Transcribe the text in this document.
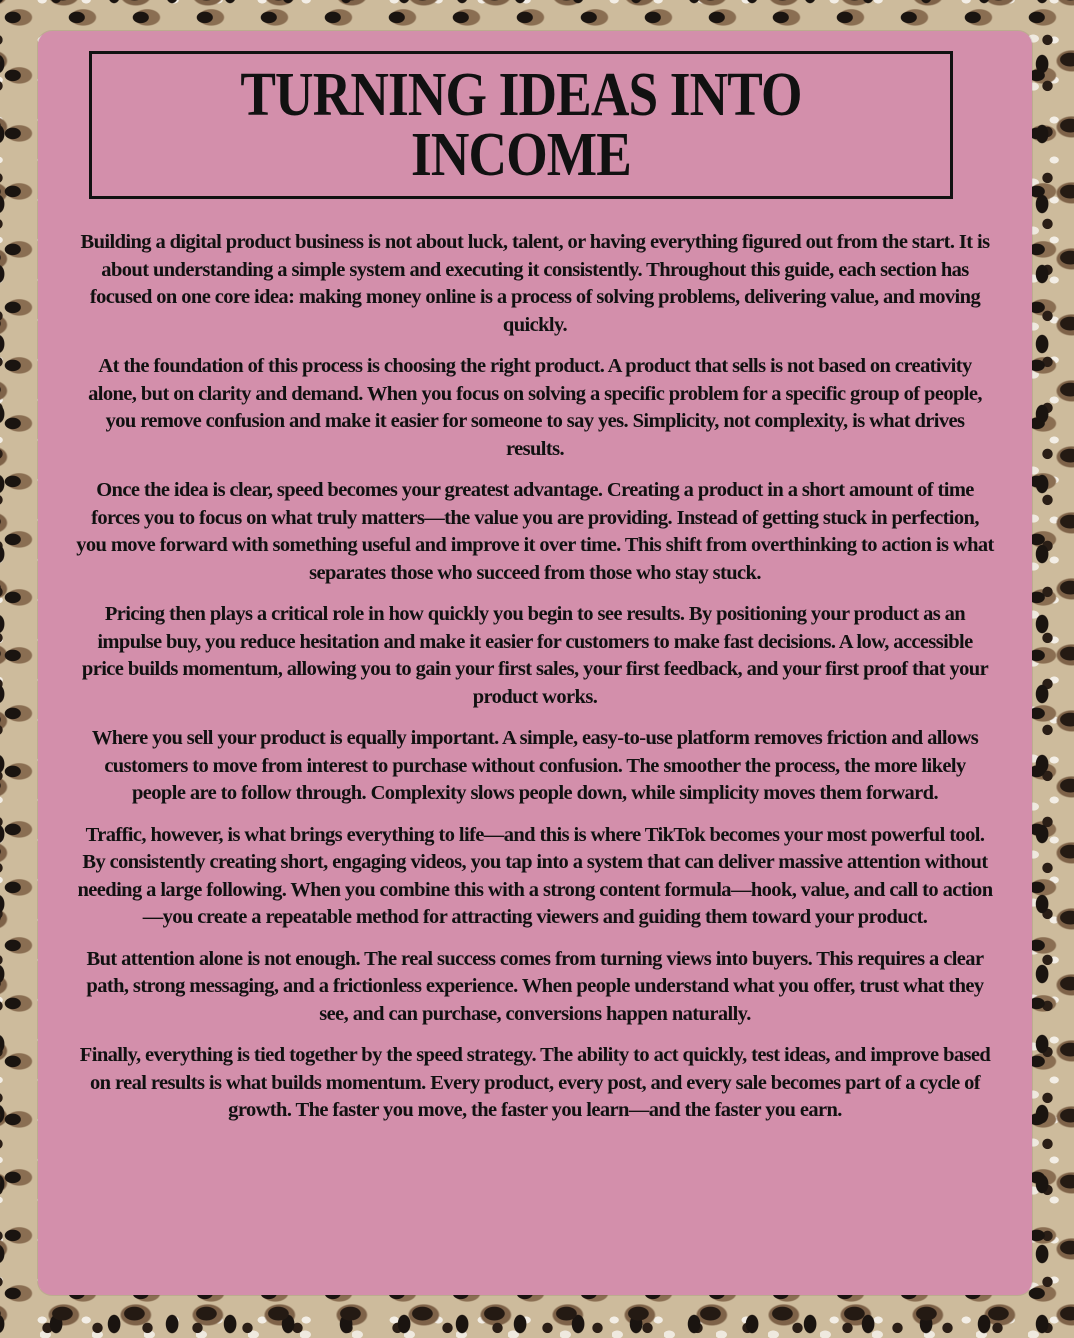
TURNING IDEAS INTO INCOME

Building a digital product business is not about luck, talent, or having everything figured out from the start. It is about understanding a simple system and executing it consistently. Throughout this guide, each section has focused on one core idea: making money online is a process of solving problems, delivering value, and moving quickly.

At the foundation of this process is choosing the right product. A product that sells is not based on creativity alone, but on clarity and demand. When you focus on solving a specific problem for a specific group of people, you remove confusion and make it easier for someone to say yes. Simplicity, not complexity, is what drives results.

Once the idea is clear, speed becomes your greatest advantage. Creating a product in a short amount of time forces you to focus on what truly matters—the value you are providing. Instead of getting stuck in perfection, you move forward with something useful and improve it over time. This shift from overthinking to action is what separates those who succeed from those who stay stuck.

Pricing then plays a critical role in how quickly you begin to see results. By positioning your product as an impulse buy, you reduce hesitation and make it easier for customers to make fast decisions. A low, accessible price builds momentum, allowing you to gain your first sales, your first feedback, and your first proof that your product works.

Where you sell your product is equally important. A simple, easy-to-use platform removes friction and allows customers to move from interest to purchase without confusion. The smoother the process, the more likely people are to follow through. Complexity slows people down, while simplicity moves them forward.

Traffic, however, is what brings everything to life—and this is where TikTok becomes your most powerful tool. By consistently creating short, engaging videos, you tap into a system that can deliver massive attention without needing a large following. When you combine this with a strong content formula—hook, value, and call to action—you create a repeatable method for attracting viewers and guiding them toward your product.

But attention alone is not enough. The real success comes from turning views into buyers. This requires a clear path, strong messaging, and a frictionless experience. When people understand what you offer, trust what they see, and can purchase, conversions happen naturally.

Finally, everything is tied together by the speed strategy. The ability to act quickly, test ideas, and improve based on real results is what builds momentum. Every product, every post, and every sale becomes part of a cycle of growth. The faster you move, the faster you learn—and the faster you earn.
